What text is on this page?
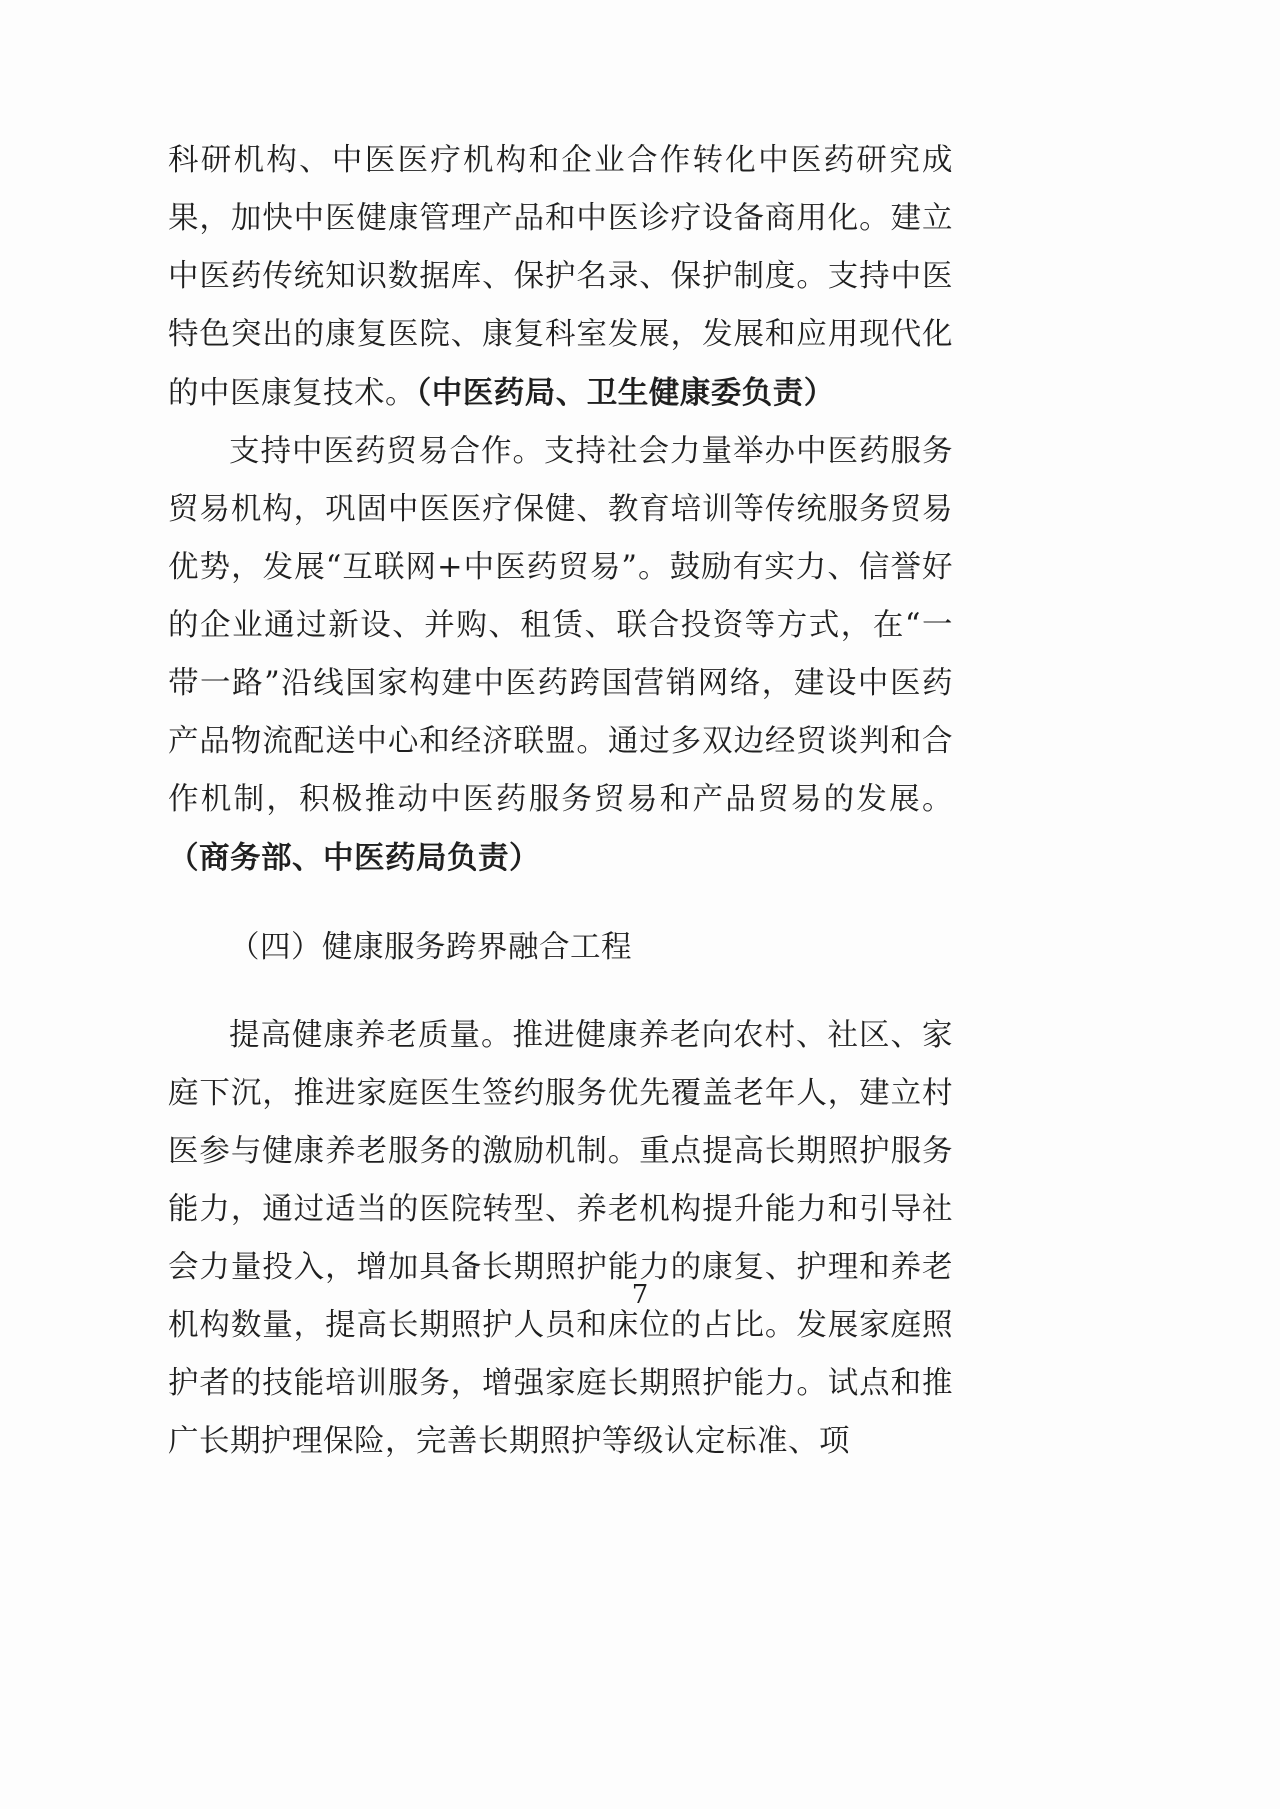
科研机构、中医医疗机构和企业合作转化中医药研究成果，加快中医健康管理产品和中医诊疗设备商用化。建立中医药传统知识数据库、保护名录、保护制度。支持中医特色突出的康复医院、康复科室发展，发展和应用现代化的中医康复技术。（中医药局、卫生健康委负责）

支持中医药贸易合作。支持社会力量举办中医药服务贸易机构，巩固中医医疗保健、教育培训等传统服务贸易优势，发展“互联网+中医药贸易”。鼓励有实力、信誉好的企业通过新设、并购、租赁、联合投资等方式，在“一带一路”沿线国家构建中医药跨国营销网络，建设中医药产品物流配送中心和经济联盟。通过多双边经贸谈判和合作机制，积极推动中医药服务贸易和产品贸易的发展。（商务部、中医药局负责）

（四）健康服务跨界融合工程

提高健康养老质量。推进健康养老向农村、社区、家庭下沉，推进家庭医生签约服务优先覆盖老年人，建立村医参与健康养老服务的激励机制。重点提高长期照护服务能力，通过适当的医院转型、养老机构提升能力和引导社会力量投入，增加具备长期照护能力的康复、护理和养老机构数量，提高长期照护人员和床位的占比。发展家庭照护者的技能培训服务，增强家庭长期照护能力。试点和推广长期护理保险，完善长期照护等级认定标准、项

7
